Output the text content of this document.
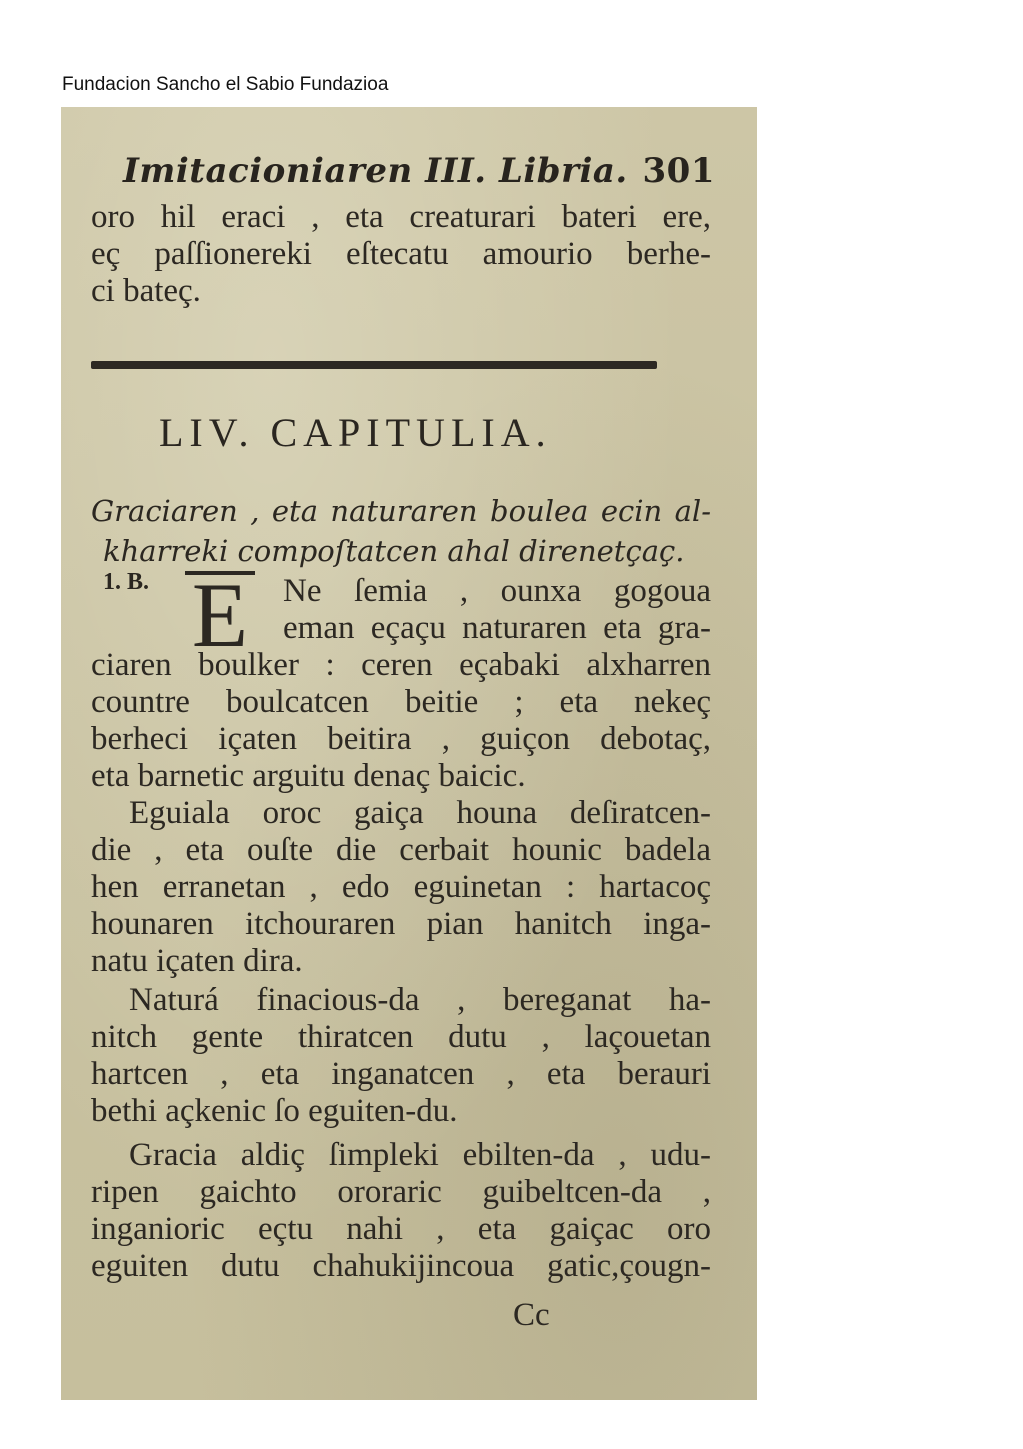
Fundacion Sancho el Sabio Fundazioa
Imitacioniaren III. Libria. 301
oro hil eraci , eta creaturari bateri ere,
eç paſſionereki eſtecatu amourio berhe-
ci bateç.
LIV. CAPITULIA.
Graciaren , eta naturaren boulea ecin al-
kharreki compoſtatcen ahal direnetçaç.
1. B. E Ne ſemia , ounxa gogoua
eman eçaçu naturaren eta gra-
ciaren boulker : ceren eçabaki alxharren
countre boulcatcen beitie ; eta nekeç
berheci içaten beitira , guiçon debotaç,
eta barnetic arguitu denaç baicic.
Eguiala oroc gaiça houna deſiratcen-
die , eta ouſte die cerbait hounic badela
hen erranetan , edo eguinetan : hartacoç
hounaren itchouraren pian hanitch inga-
natu içaten dira.
Naturá finacious-da , bereganat ha-
nitch gente thiratcen dutu , laçouetan
hartcen , eta inganatcen , eta berauri
bethi açkenic ſo eguiten-du.
Gracia aldiç ſimpleki ebilten-da , udu-
ripen gaichto ororaric guibeltcen-da ,
inganioric eçtu nahi , eta gaiçac oro
eguiten dutu chahukijincoua gatic,çougn-
Cc
